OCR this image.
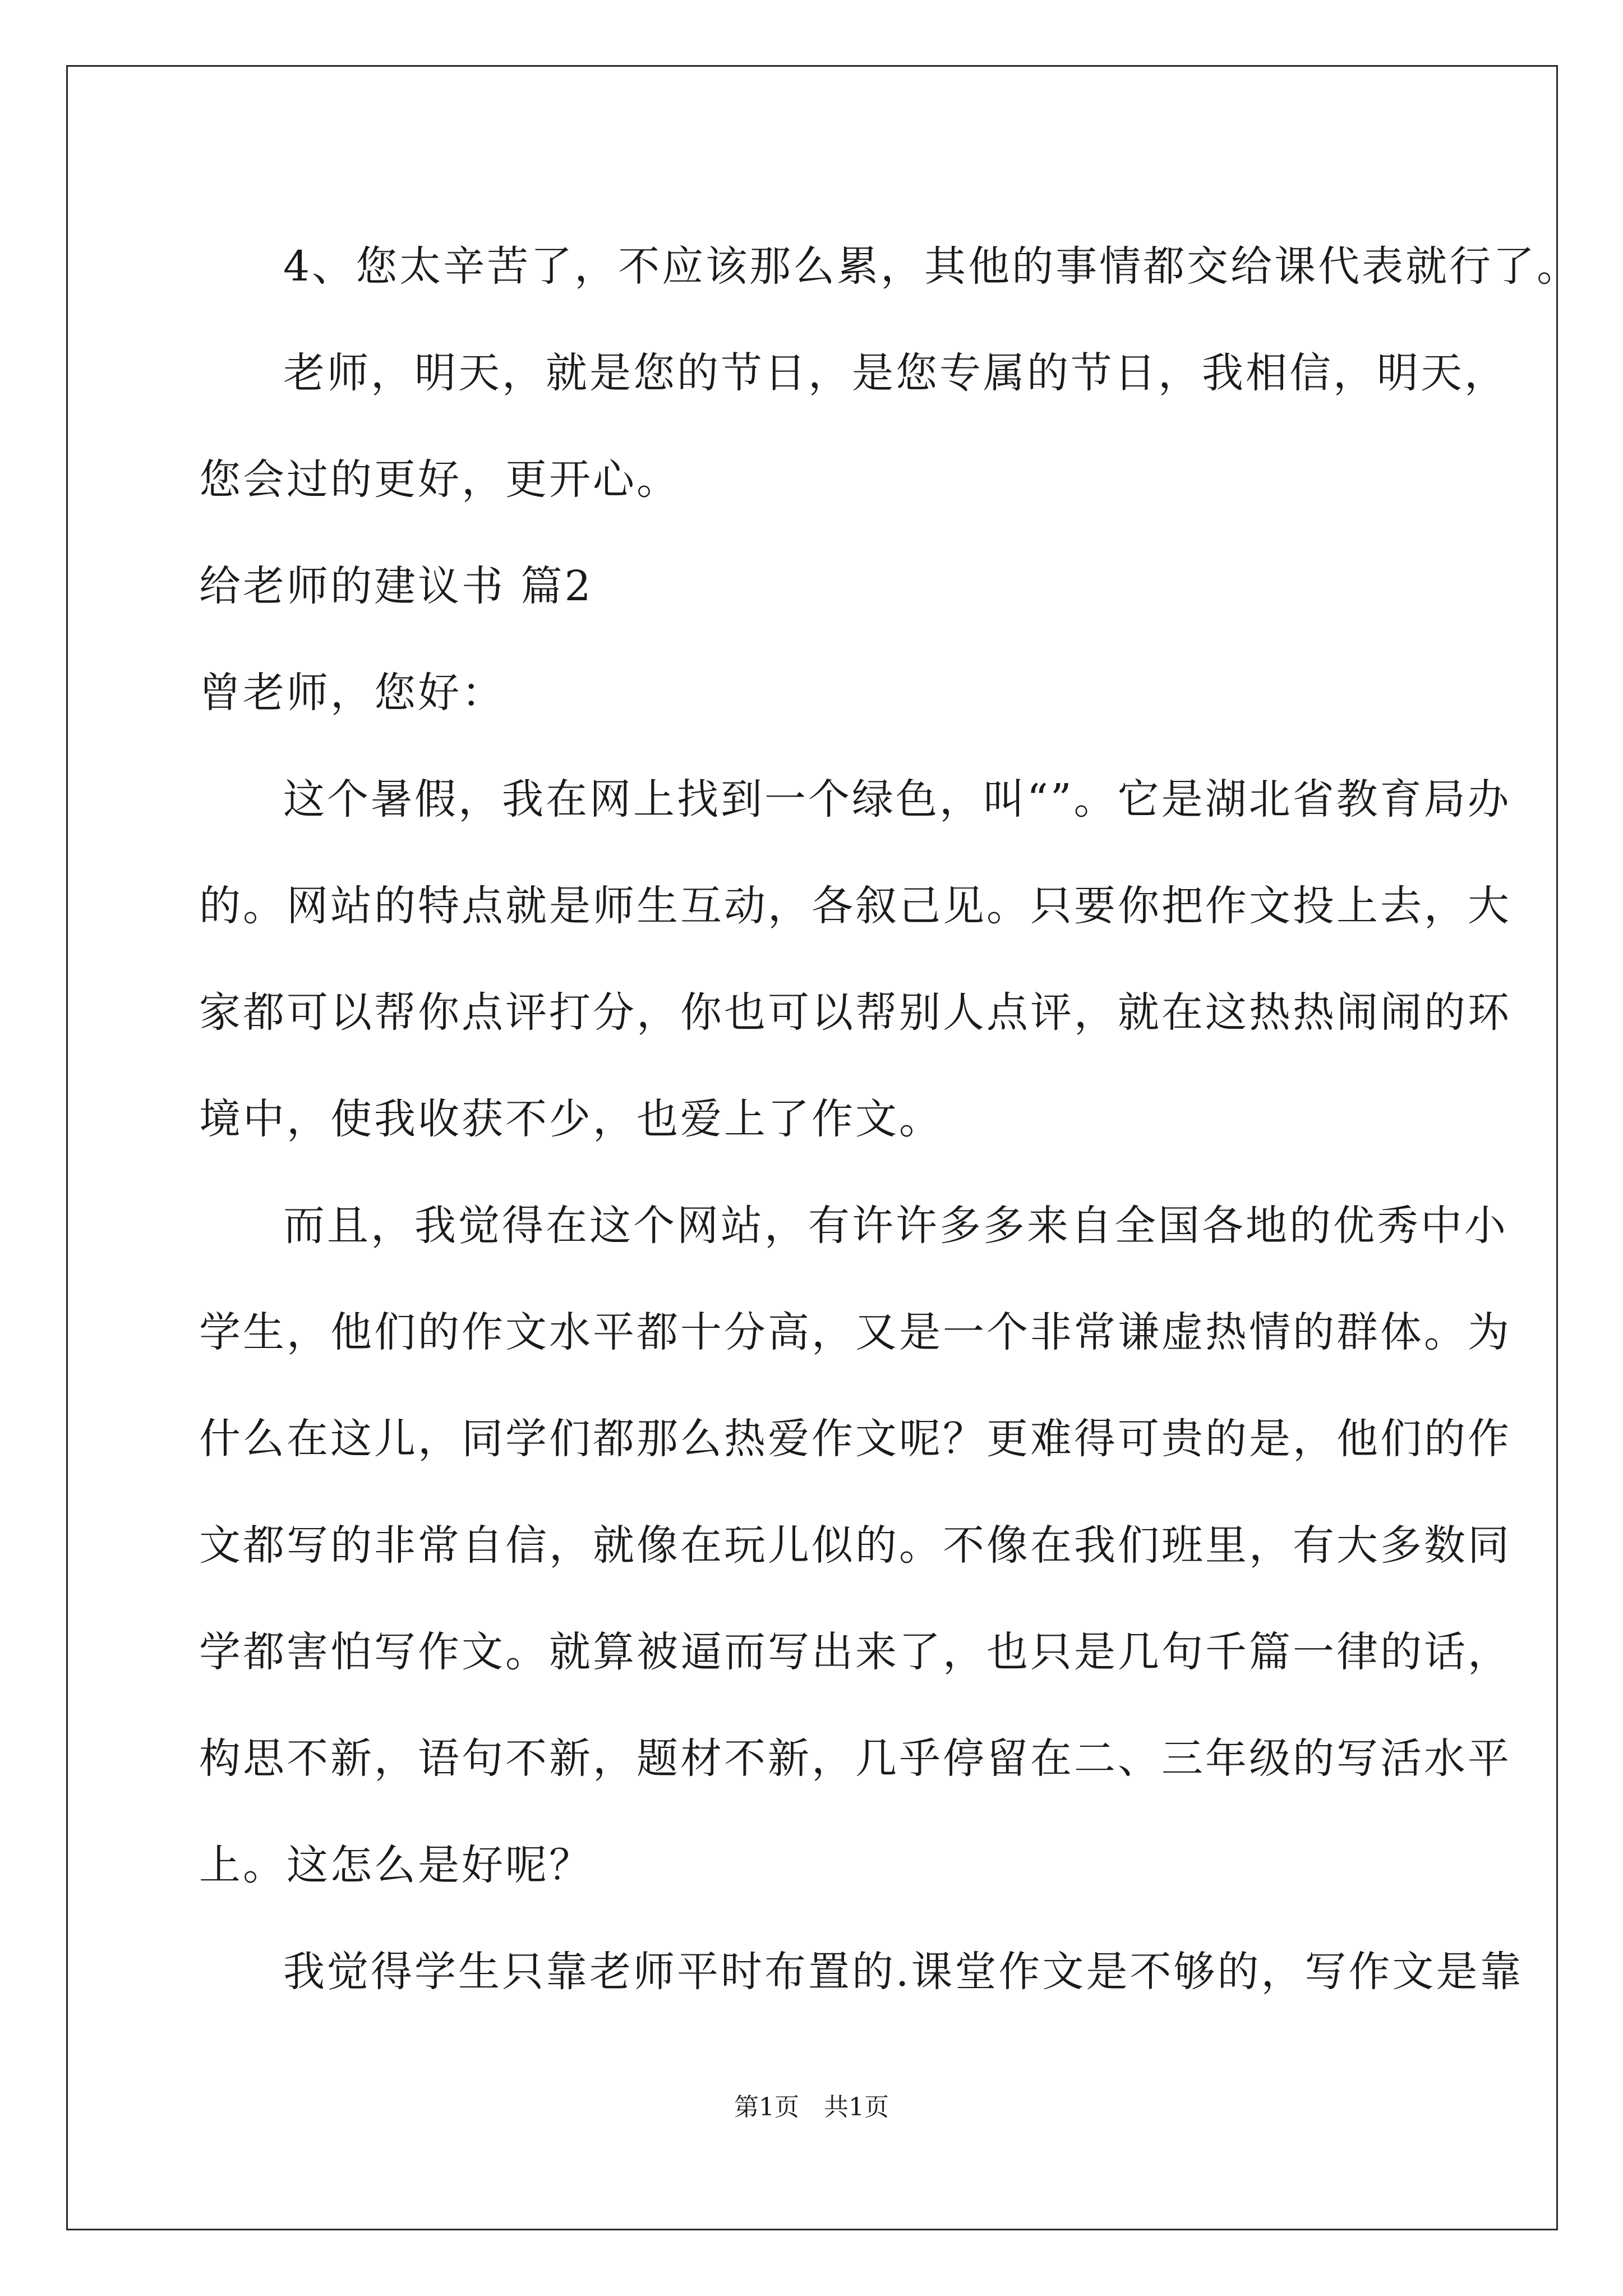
4、您太辛苦了，不应该那么累，其他的事情都交给课代表就行了。

老师，明天，就是您的节日，是您专属的节日，我相信，明天，

您会过的更好，更开心。

给老师的建议书 篇2

曾老师，您好：

这个暑假，我在网上找到一个绿色，叫“”。它是湖北省教育局办

的。网站的特点就是师生互动，各叙己见。只要你把作文投上去，大

家都可以帮你点评打分，你也可以帮别人点评，就在这热热闹闹的环

境中，使我收获不少，也爱上了作文。

而且，我觉得在这个网站，有许许多多来自全国各地的优秀中小

学生，他们的作文水平都十分高，又是一个非常谦虚热情的群体。为

什么在这儿，同学们都那么热爱作文呢？更难得可贵的是，他们的作

文都写的非常自信，就像在玩儿似的。不像在我们班里，有大多数同

学都害怕写作文。就算被逼而写出来了，也只是几句千篇一律的话，

构思不新，语句不新，题材不新，几乎停留在二、三年级的写活水平

上。这怎么是好呢？

我觉得学生只靠老师平时布置的.课堂作文是不够的，写作文是靠

第1页　共1页
